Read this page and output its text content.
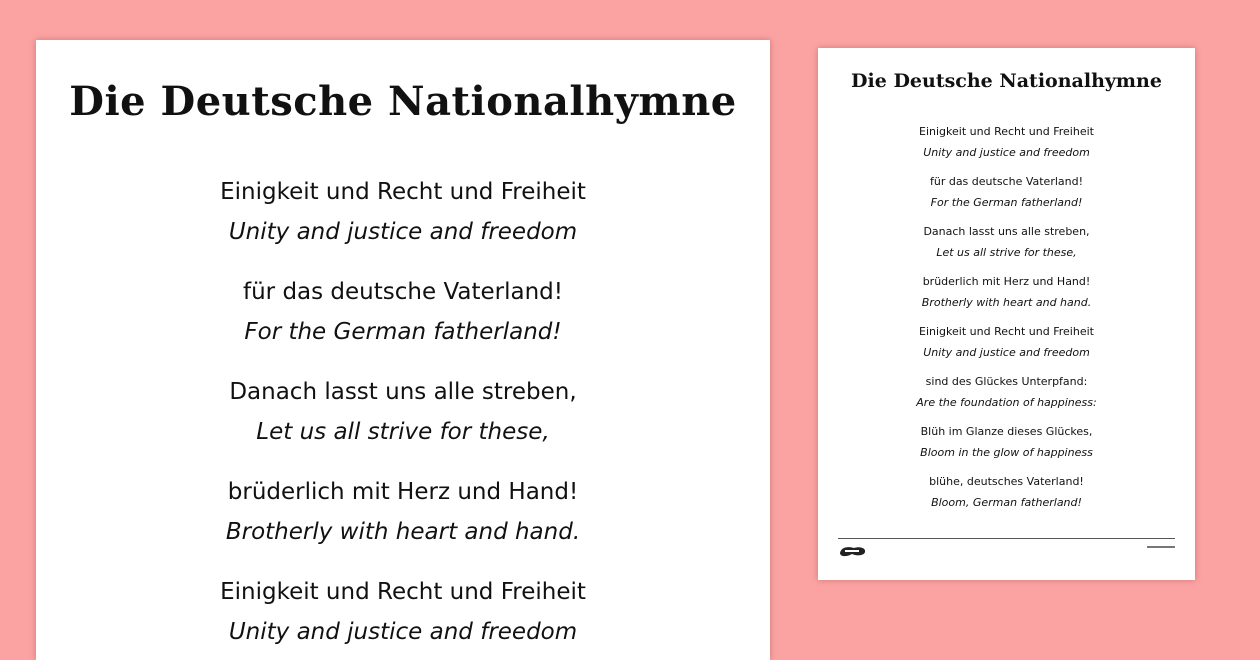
Die Deutsche Nationalhymne

Einigkeit und Recht und Freiheit
Unity and justice and freedom

für das deutsche Vaterland!
For the German fatherland!

Danach lasst uns alle streben,
Let us all strive for these,

brüderlich mit Herz und Hand!
Brotherly with heart and hand.

Einigkeit und Recht und Freiheit
Unity and justice and freedom

Die Deutsche Nationalhymne

Einigkeit und Recht und Freiheit
Unity and justice and freedom

für das deutsche Vaterland!
For the German fatherland!

Danach lasst uns alle streben,
Let us all strive for these,

brüderlich mit Herz und Hand!
Brotherly with heart and hand.

Einigkeit und Recht und Freiheit
Unity and justice and freedom

sind des Glückes Unterpfand:
Are the foundation of happiness:

Blüh im Glanze dieses Glückes,
Bloom in the glow of happiness

blühe, deutsches Vaterland!
Bloom, German fatherland!
